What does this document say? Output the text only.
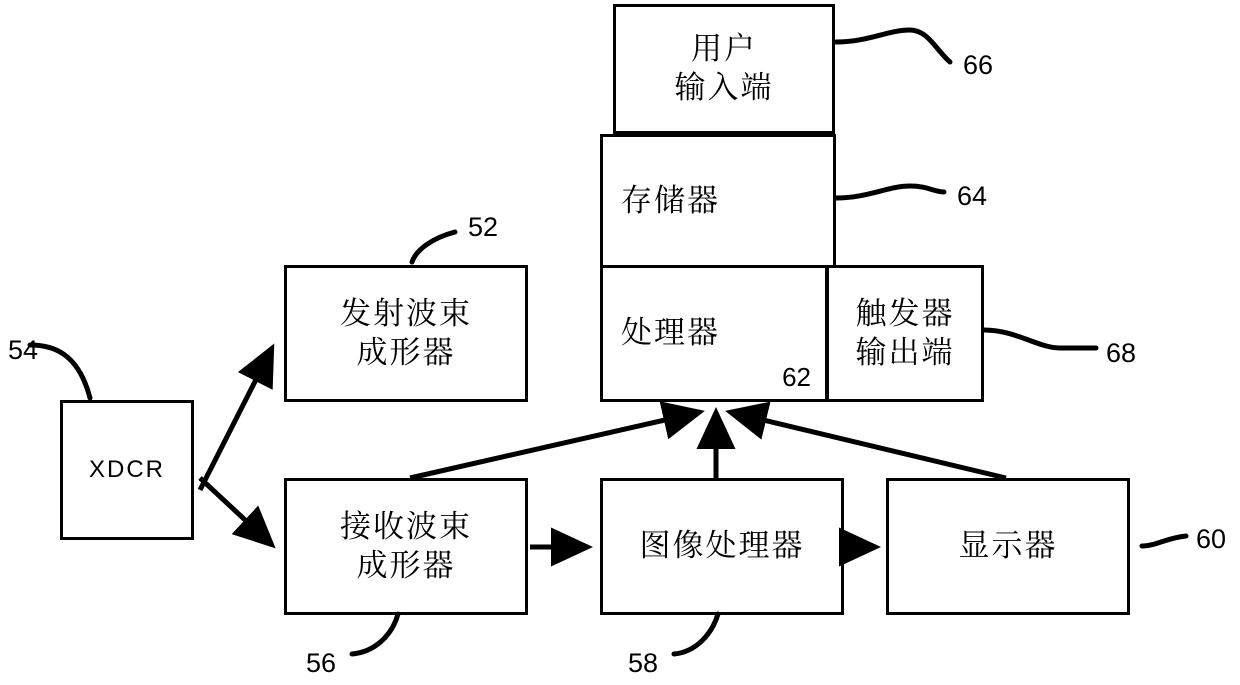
XDCR
发射波束
成形器
接收波束
成形器
图像处理器	显示器
处理器
62
存储器
用户
输入端
触发器
输出端
54
52
56	58
60
64
66
68
